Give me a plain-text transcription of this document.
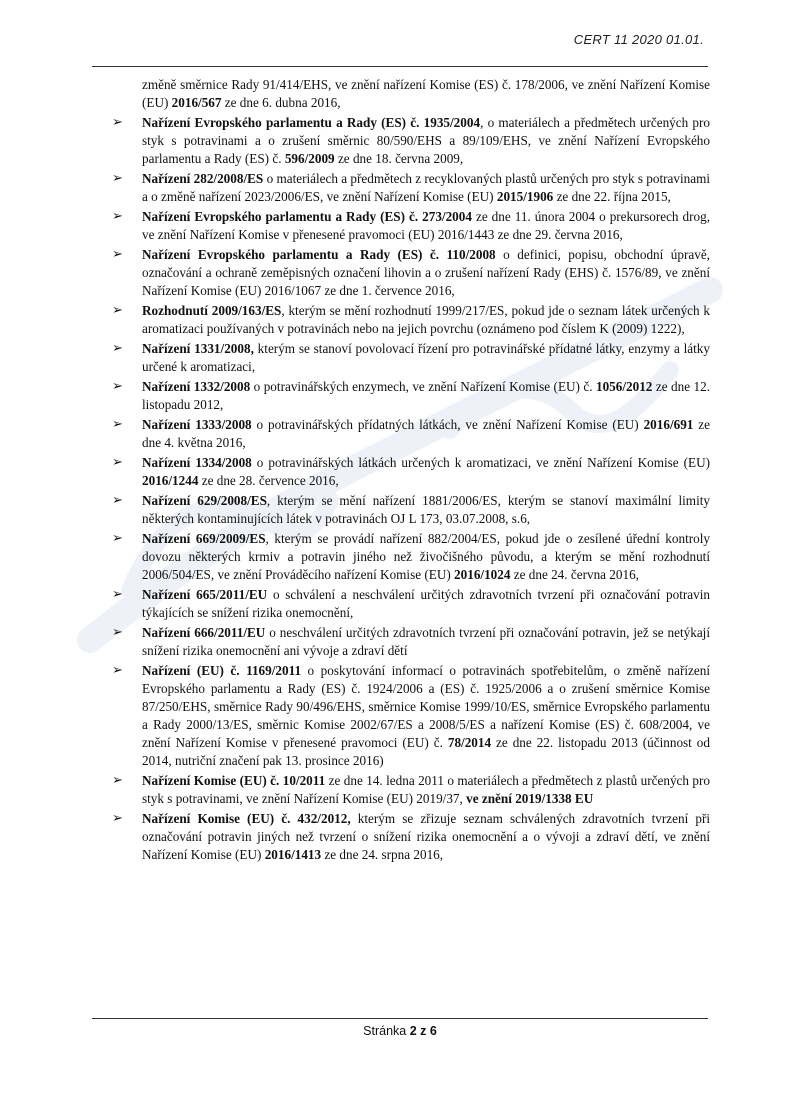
CERT 11 2020 01.01.

změně směrnice Rady 91/414/EHS, ve znění nařízení Komise (ES) č. 178/2006, ve znění Nařízení Komise (EU) 2016/567 ze dne 6. dubna 2016,

➢ Nařízení Evropského parlamentu a Rady (ES) č. 1935/2004, o materiálech a předmětech určených pro styk s potravinami a o zrušení směrnic 80/590/EHS a 89/109/EHS, ve znění Nařízení Evropského parlamentu a Rady (ES) č. 596/2009 ze dne 18. června 2009,
➢ Nařízení 282/2008/ES o materiálech a předmětech z recyklovaných plastů určených pro styk s potravinami a o změně nařízení 2023/2006/ES, ve znění Nařízení Komise (EU) 2015/1906 ze dne 22. října 2015,
➢ Nařízení Evropského parlamentu a Rady (ES) č. 273/2004 ze dne 11. února 2004 o prekursorech drog, ve znění Nařízení Komise v přenesené pravomoci (EU) 2016/1443 ze dne 29. června 2016,
➢ Nařízení Evropského parlamentu a Rady (ES) č. 110/2008 o definici, popisu, obchodní úpravě, označování a ochraně zeměpisných označení lihovin a o zrušení nařízení Rady (EHS) č. 1576/89, ve znění Nařízení Komise (EU) 2016/1067 ze dne 1. července 2016,
➢ Rozhodnutí 2009/163/ES, kterým se mění rozhodnutí 1999/217/ES, pokud jde o seznam látek určených k aromatizaci používaných v potravinách nebo na jejich povrchu (oznámeno pod číslem K (2009) 1222),
➢ Nařízení 1331/2008, kterým se stanoví povolovací řízení pro potravinářské přídatné látky, enzymy a látky určené k aromatizaci,
➢ Nařízení 1332/2008 o potravinářských enzymech, ve znění Nařízení Komise (EU) č. 1056/2012 ze dne 12. listopadu 2012,
➢ Nařízení 1333/2008 o potravinářských přídatných látkách, ve znění Nařízení Komise (EU) 2016/691 ze dne 4. května 2016,
➢ Nařízení 1334/2008 o potravinářských látkách určených k aromatizaci, ve znění Nařízení Komise (EU) 2016/1244 ze dne 28. července 2016,
➢ Nařízení 629/2008/ES, kterým se mění nařízení 1881/2006/ES, kterým se stanoví maximální limity některých kontaminujících látek v potravinách OJ L 173, 03.07.2008, s.6,
➢ Nařízení 669/2009/ES, kterým se provádí nařízení 882/2004/ES, pokud jde o zesílené úřední kontroly dovozu některých krmiv a potravin jiného než živočišného původu, a kterým se mění rozhodnutí 2006/504/ES, ve znění Prováděcího nařízení Komise (EU) 2016/1024 ze dne 24. června 2016,
➢ Nařízení 665/2011/EU o schválení a neschválení určitých zdravotních tvrzení při označování potravin týkajících se snížení rizika onemocnění,
➢ Nařízení 666/2011/EU o neschválení určitých zdravotních tvrzení při označování potravin, jež se netýkají snížení rizika onemocnění ani vývoje a zdraví dětí
➢ Nařízení (EU) č. 1169/2011 o poskytování informací o potravinách spotřebitelům, o změně nařízení Evropského parlamentu a Rady (ES) č. 1924/2006 a (ES) č. 1925/2006 a o zrušení směrnice Komise 87/250/EHS, směrnice Rady 90/496/EHS, směrnice Komise 1999/10/ES, směrnice Evropského parlamentu a Rady 2000/13/ES, směrnic Komise 2002/67/ES a 2008/5/ES a nařízení Komise (ES) č. 608/2004, ve znění Nařízení Komise v přenesené pravomoci (EU) č. 78/2014 ze dne 22. listopadu 2013 (účinnost od 2014, nutriční značení pak 13. prosince 2016)
➢ Nařízení Komise (EU) č. 10/2011 ze dne 14. ledna 2011 o materiálech a předmětech z plastů určených pro styk s potravinami, ve znění Nařízení Komise (EU) 2019/37, ve znění 2019/1338 EU
➢ Nařízení Komise (EU) č. 432/2012, kterým se zřizuje seznam schválených zdravotních tvrzení při označování potravin jiných než tvrzení o snížení rizika onemocnění a o vývoji a zdraví dětí, ve znění Nařízení Komise (EU) 2016/1413 ze dne 24. srpna 2016,
Stránka 2 z 6
